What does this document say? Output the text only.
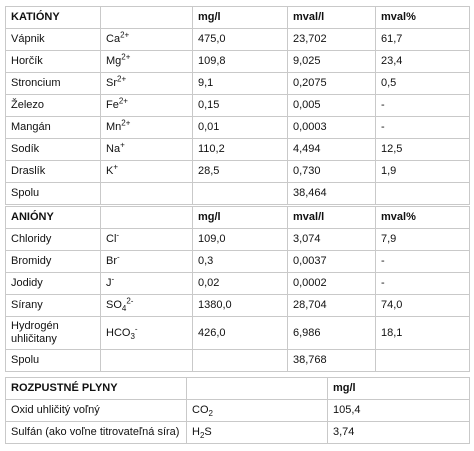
KATIÓNY		mg/l	mval/l	mval%
Vápnik	$Ca^{2+}$	475,0	23,702	61,7
Horčík	$Mg^{2+}$	109,8	9,025	23,4
Stroncium	$Sr^{2+}$	9,1	0,2075	0,5
Železo	$Fe^{2+}$	0,15	0,005	-
Mangán	$Mn^{2+}$	0,01	0,0003	-
Sodík	Na+	110,2	4,494	12,5
Draslík	K+	28,5	0,730	1,9
Spolu			38,464	
ANIÓNY		mg/l	mval/l	mval%
Chloridy	Cl-	109,0	3,074	7,9
Bromidy	Br-	0,3	0,0037	-
Jodidy	J-	0,02	0,0002	-
Sírany	$SO_4^{2-}$	1380,0	28,704	74,0
Hydrogén uhličitany	$HCO_3^-$	426,0	6,986	18,1
Spolu			38,768	
ROZPUSTNÉ PLYNY		mg/l
Oxid uhličitý voľný	$CO_2$	105,4
Sulfán (ako voľne titrovateľná síra)	$H_2S$	3,74
